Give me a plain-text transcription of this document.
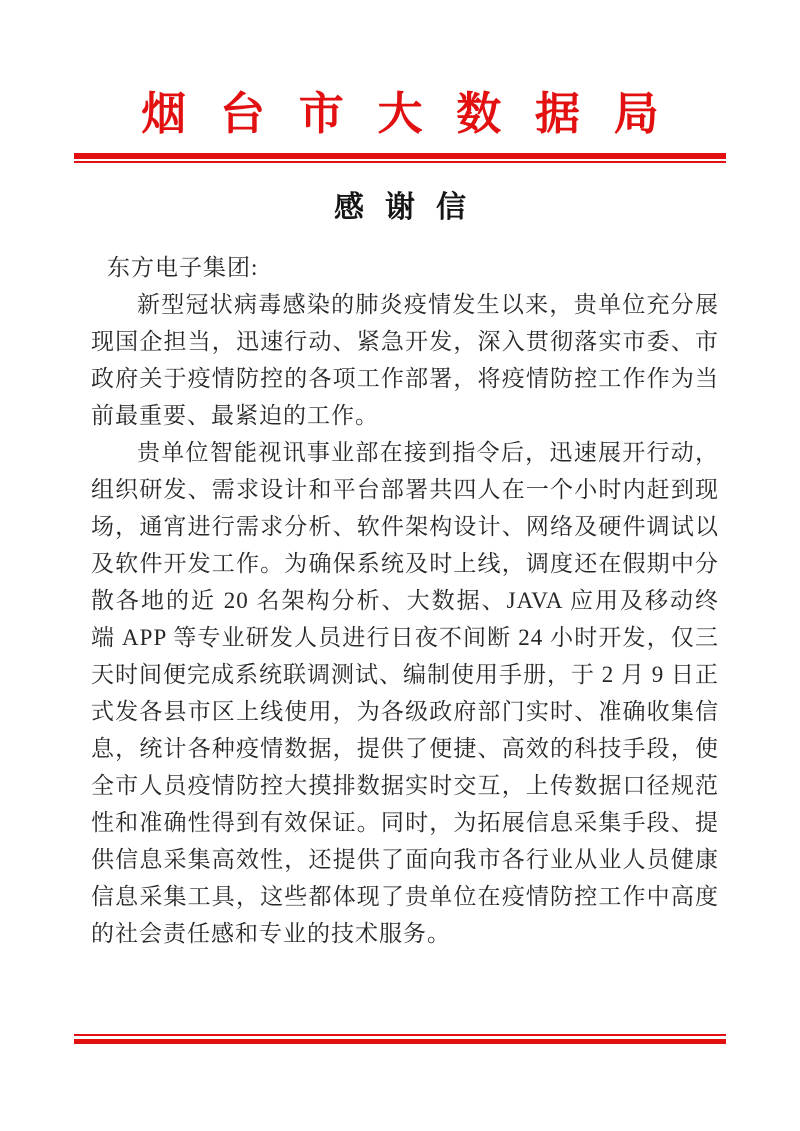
烟台市大数据局
感谢信

东方电子集团:

新型冠状病毒感染的肺炎疫情发生以来，贵单位充分展现国企担当，迅速行动、紧急开发，深入贯彻落实市委、市政府关于疫情防控的各项工作部署，将疫情防控工作作为当前最重要、最紧迫的工作。

贵单位智能视讯事业部在接到指令后，迅速展开行动，组织研发、需求设计和平台部署共四人在一个小时内赶到现场，通宵进行需求分析、软件架构设计、网络及硬件调试以及软件开发工作。为确保系统及时上线，调度还在假期中分散各地的近 20 名架构分析、大数据、JAVA 应用及移动终端 APP 等专业研发人员进行日夜不间断 24 小时开发，仅三天时间便完成系统联调测试、编制使用手册，于 2 月 9 日正式发各县市区上线使用，为各级政府部门实时、准确收集信息，统计各种疫情数据，提供了便捷、高效的科技手段，使全市人员疫情防控大摸排数据实时交互，上传数据口径规范性和准确性得到有效保证。同时，为拓展信息采集手段、提供信息采集高效性，还提供了面向我市各行业从业人员健康信息采集工具，这些都体现了贵单位在疫情防控工作中高度的社会责任感和专业的技术服务。
